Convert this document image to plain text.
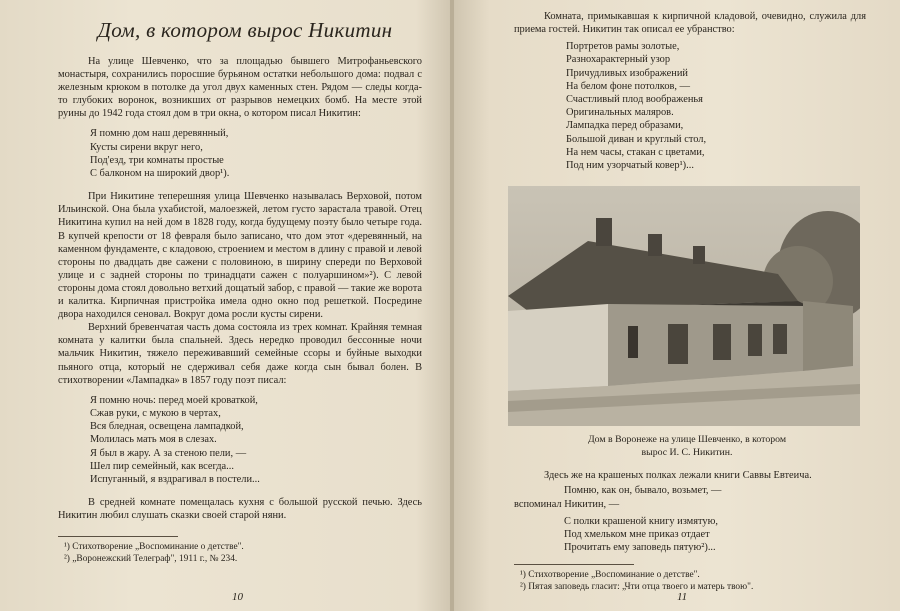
Дом, в котором вырос Никитин

На улице Шевченко, что за площадью бывшего Митрофаньевского монастыря, сохранились поросшие бурьяном остатки небольшого дома: подвал с железным крюком в потолке да угол двух каменных стен. Рядом — следы когда-то глубоких воронок, возникших от разрывов немецких бомб. На месте этой руины до 1942 года стоял дом в три окна, о котором писал Никитин:

Я помню дом наш деревянный,
Кусты сирени вкруг него,
Под'езд, три комнаты простые
С балконом на широкий двор¹).

При Никитине теперешняя улица Шевченко называлась Верховой, потом Ильинской. Она была ухабистой, малоезжей, летом густо зарастала травой. Отец Никитина купил на ней дом в 1828 году, когда будущему поэту было четыре года. В купчей крепости от 18 февраля было записано, что дом этот «деревянный, на каменном фундаменте, с кладовою, строением и местом в длину с правой и левой стороны по двадцать две сажени с половиною, в ширину спереди по Верховой улице и с задней стороны по тринадцати сажен с полуаршином»²). С левой стороны дома стоял довольно ветхий дощатый забор, с правой — такие же ворота и калитка. Кирпичная пристройка имела одно окно под решеткой. Посредине двора находился сеновал. Вокруг дома росли кусты сирени.

Верхний бревенчатая часть дома состояла из трех комнат. Крайняя темная комната у калитки была спальней. Здесь нередко проводил бессонные ночи мальчик Никитин, тяжело переживавший семейные ссоры и буйные выходки пьяного отца, который не сдерживал себя даже когда сын бывал болен. В стихотворении «Лампадка» в 1857 году поэт писал:

Я помню ночь: перед моей кроваткой,
Сжав руки, с мукою в чертах,
Вся бледная, освещена лампадкой,
Молилась мать моя в слезах.
Я был в жару. А за стеною пели, —
Шел пир семейный, как всегда...
Испуганный, я вздрагивал в постели...

В средней комнате помещалась кухня с большой русской печью. Здесь Никитин любил слушать сказки своей старой няни.

¹) Стихотворение „Воспоминание о детстве".
²) „Воронежский Телеграф", 1911 г., № 234.
10

Комната, примыкавшая к кирпичной кладовой, очевидно, служила для приема гостей. Никитин так описал ее убранство:

Портретов рамы золотые,
Разнохарактерный узор
Причудливых изображений
На белом фоне потолков, —
Счастливый плод воображенья
Оригинальных маляров.
Лампадка перед образами,
Большой диван и круглый стол,
На нем часы, стакан с цветами,
Под ним узорчатый ковер¹)...
Дом в Воронеже на улице Шевченко, в котором
вырос И. С. Никитин.

Здесь же на крашеных полках лежали книги Саввы Евтеича.

Помню, как он, бывало, возьмет, —

вспоминал Никитин, —

С полки крашеной книгу измятую,
Под хмельком мне приказ отдает
Прочитать ему заповедь пятую²)...
¹) Стихотворение „Воспоминание о детстве".
²) Пятая заповедь гласит: „Чти отца твоего и матерь твою".
11
